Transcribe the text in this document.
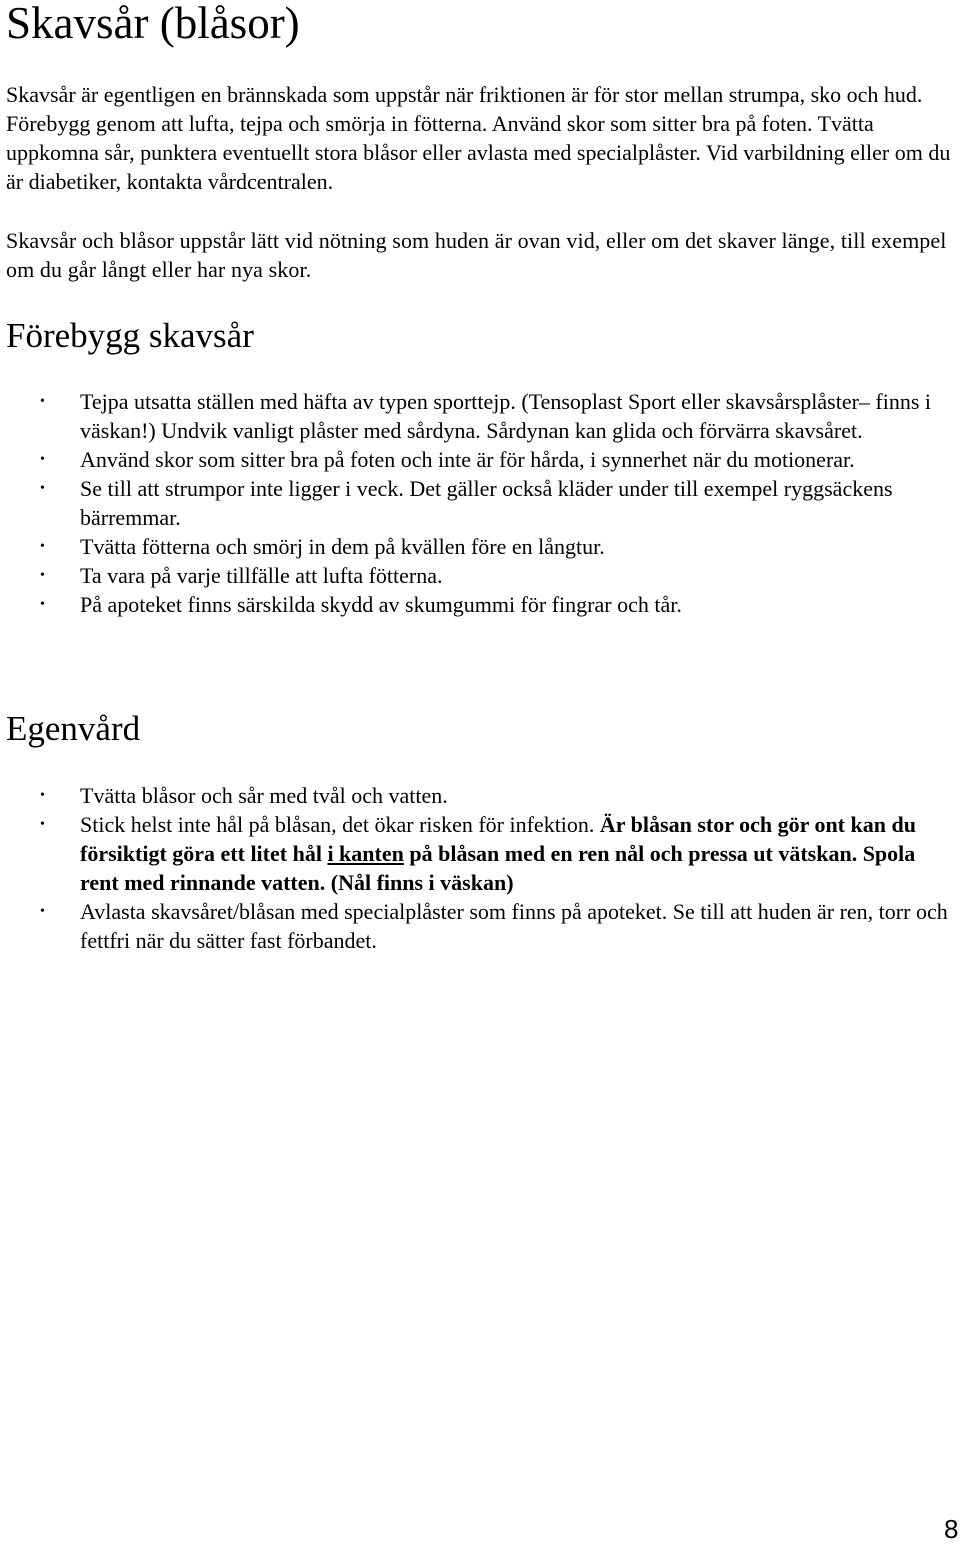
Skavsår (blåsor)

Skavsår är egentligen en brännskada som uppstår när friktionen är för stor mellan strumpa, sko och hud. Förebygg genom att lufta, tejpa och smörja in fötterna. Använd skor som sitter bra på foten. Tvätta uppkomna sår, punktera eventuellt stora blåsor eller avlasta med specialplåster. Vid varbildning eller om du är diabetiker, kontakta vårdcentralen.

Skavsår och blåsor uppstår lätt vid nötning som huden är ovan vid, eller om det skaver länge, till exempel om du går långt eller har nya skor.

Förebygg skavsår
• Tejpa utsatta ställen med häfta av typen sporttejp. (Tensoplast Sport eller skavsårsplåster– finns i väskan!) Undvik vanligt plåster med sårdyna. Sårdynan kan glida och förvärra skavsåret.
• Använd skor som sitter bra på foten och inte är för hårda, i synnerhet när du motionerar.
• Se till att strumpor inte ligger i veck. Det gäller också kläder under till exempel ryggsäckens bärremmar.
• Tvätta fötterna och smörj in dem på kvällen före en långtur.
• Ta vara på varje tillfälle att lufta fötterna.
• På apoteket finns särskilda skydd av skumgummi för fingrar och tår.
Egenvård
• Tvätta blåsor och sår med tvål och vatten.
• Stick helst inte hål på blåsan, det ökar risken för infektion. Är blåsan stor och gör ont kan du försiktigt göra ett litet hål i kanten på blåsan med en ren nål och pressa ut vätskan. Spola rent med rinnande vatten. (Nål finns i väskan)
• Avlasta skavsåret/blåsan med specialplåster som finns på apoteket. Se till att huden är ren, torr och fettfri när du sätter fast förbandet.
8
